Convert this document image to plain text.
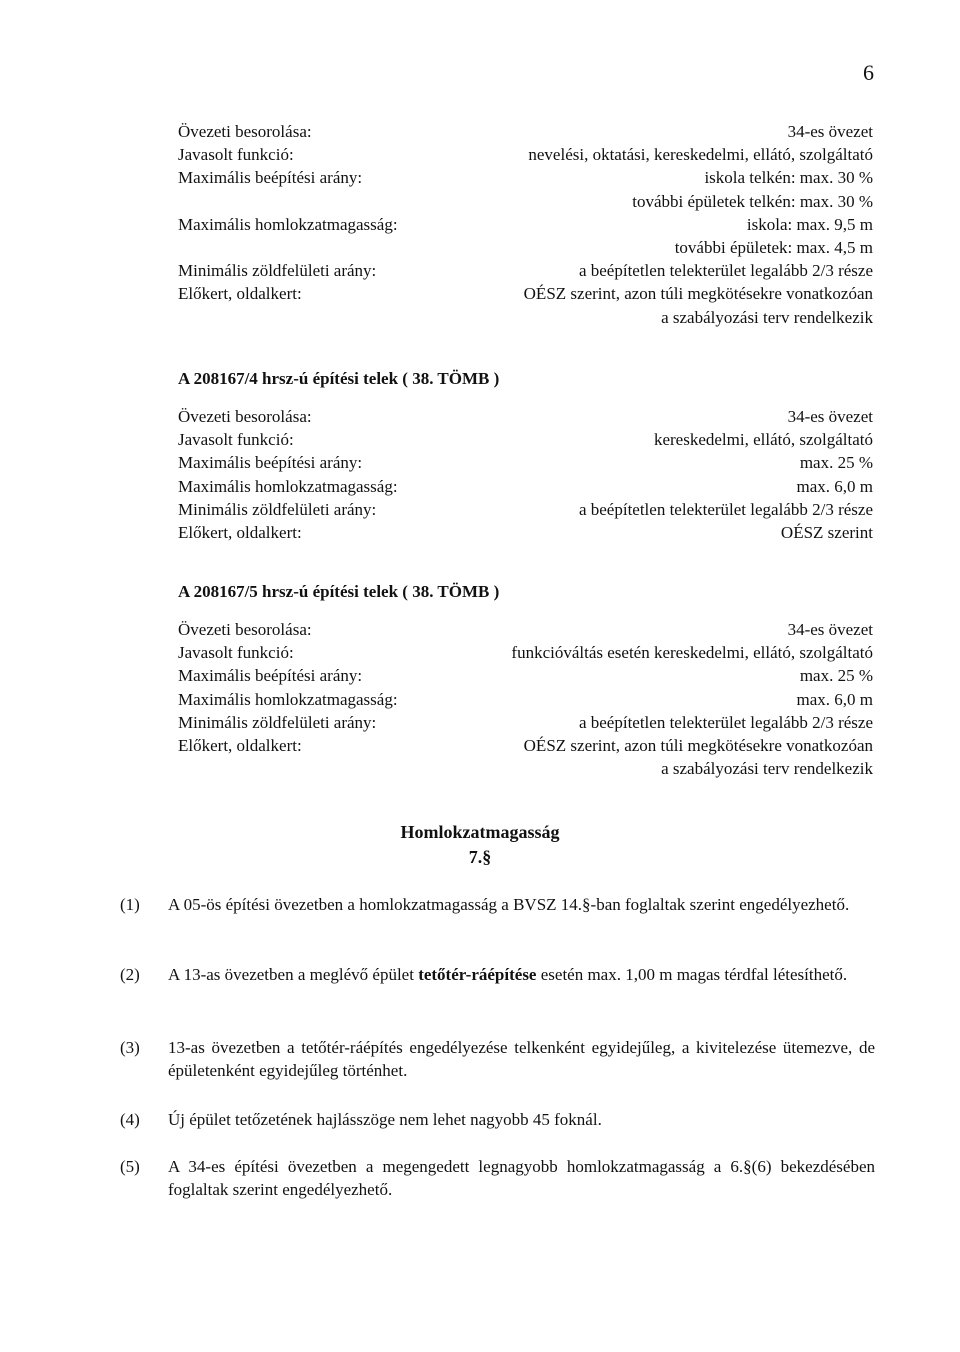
6
Övezeti besorolása:	34-es övezet
Javasolt funkció:	nevelési, oktatási, kereskedelmi, ellátó, szolgáltató
Maximális beépítési arány:	iskola telkén: max. 30 %
további épületek telkén: max. 30 %
Maximális homlokzatmagasság:	iskola: max. 9,5 m
további épületek: max. 4,5 m
Minimális zöldfelületi arány:	a beépítetlen telekterület legalább 2/3 része
Előkert, oldalkert:	OÉSZ szerint, azon túli megkötésekre vonatkozóan
a szabályozási terv rendelkezik
A 208167/4 hrsz-ú építési telek ( 38. TÖMB )
Övezeti besorolása:	34-es övezet
Javasolt funkció:	kereskedelmi, ellátó, szolgáltató
Maximális beépítési arány:	max. 25 %
Maximális homlokzatmagasság:	max. 6,0 m
Minimális zöldfelületi arány:	a beépítetlen telekterület legalább 2/3 része
Előkert, oldalkert:	OÉSZ szerint
A 208167/5 hrsz-ú építési telek ( 38. TÖMB )
Övezeti besorolása:	34-es övezet
Javasolt funkció:	funkcióváltás esetén kereskedelmi, ellátó, szolgáltató
Maximális beépítési arány:	max. 25 %
Maximális homlokzatmagasság:	max. 6,0 m
Minimális zöldfelületi arány:	a beépítetlen telekterület legalább 2/3 része
Előkert, oldalkert:	OÉSZ szerint, azon túli megkötésekre vonatkozóan
a szabályozási terv rendelkezik
Homlokzatmagasság
7.§
(1)	A 05-ös építési övezetben a homlokzatmagasság a BVSZ 14.§-ban foglaltak szerint engedélyezhető.
(2)	A 13-as övezetben a meglévő épület tetőtér-ráépítése esetén max. 1,00 m magas térdfal létesíthető.
(3)	13-as övezetben a tetőtér-ráépítés engedélyezése telkenként egyidejűleg, a kivitelezése ütemezve, de épületenként egyidejűleg történhet.
(4)	Új épület tetőzetének hajlásszöge nem lehet nagyobb 45 foknál.
(5)	A 34-es építési övezetben a megengedett legnagyobb homlokzatmagasság a 6.§(6) bekezdésében foglaltak szerint engedélyezhető.
